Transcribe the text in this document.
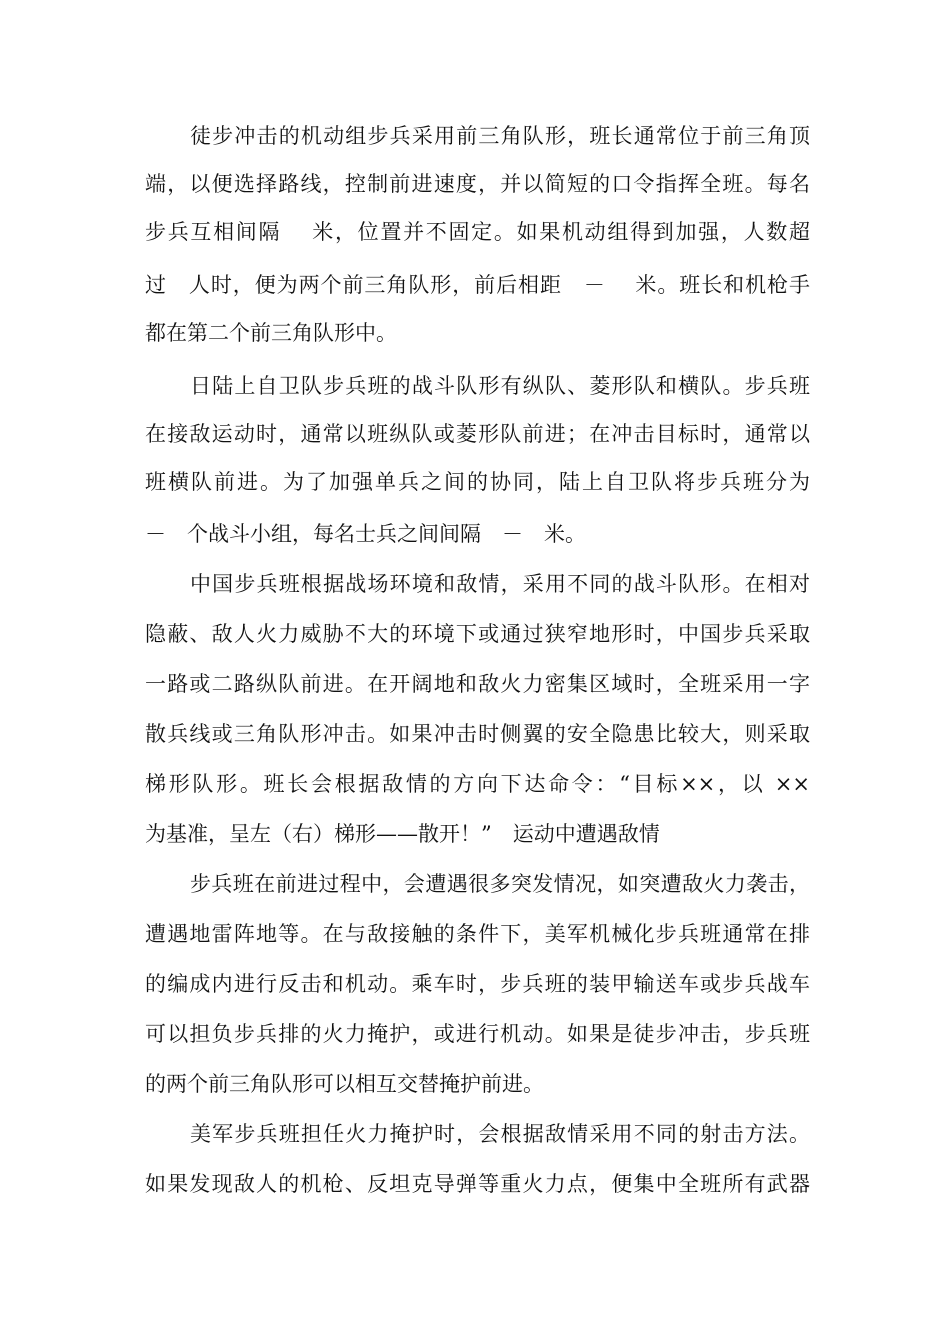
徒步冲击的机动组步兵采用前三角队形，班长通常位于前三角顶

端，以便选择路线，控制前进速度，并以简短的口令指挥全班。每名

步兵互相间隔　 米，位置并不固定。如果机动组得到加强，人数超

过　人时，便为两个前三角队形，前后相距　－　 米。班长和机枪手

都在第二个前三角队形中。

日陆上自卫队步兵班的战斗队形有纵队、菱形队和横队。步兵班

在接敌运动时，通常以班纵队或菱形队前进；在冲击目标时，通常以

班横队前进。为了加强单兵之间的协同，陆上自卫队将步兵班分为

－　个战斗小组，每名士兵之间间隔　－　米。

中国步兵班根据战场环境和敌情，采用不同的战斗队形。在相对

隐蔽、敌人火力威胁不大的环境下或通过狭窄地形时，中国步兵采取

一路或二路纵队前进。在开阔地和敌火力密集区域时，全班采用一字

散兵线或三角队形冲击。如果冲击时侧翼的安全隐患比较大，则采取

梯形队形。班长会根据敌情的方向下达命令：“目标××，以 ××

为基准，呈左（右）梯形——散开！”　运动中遭遇敌情

步兵班在前进过程中，会遭遇很多突发情况，如突遭敌火力袭击，

遭遇地雷阵地等。在与敌接触的条件下，美军机械化步兵班通常在排

的编成内进行反击和机动。乘车时，步兵班的装甲输送车或步兵战车

可以担负步兵排的火力掩护，或进行机动。如果是徒步冲击，步兵班

的两个前三角队形可以相互交替掩护前进。

美军步兵班担任火力掩护时，会根据敌情采用不同的射击方法。

如果发现敌人的机枪、反坦克导弹等重火力点，便集中全班所有武器
